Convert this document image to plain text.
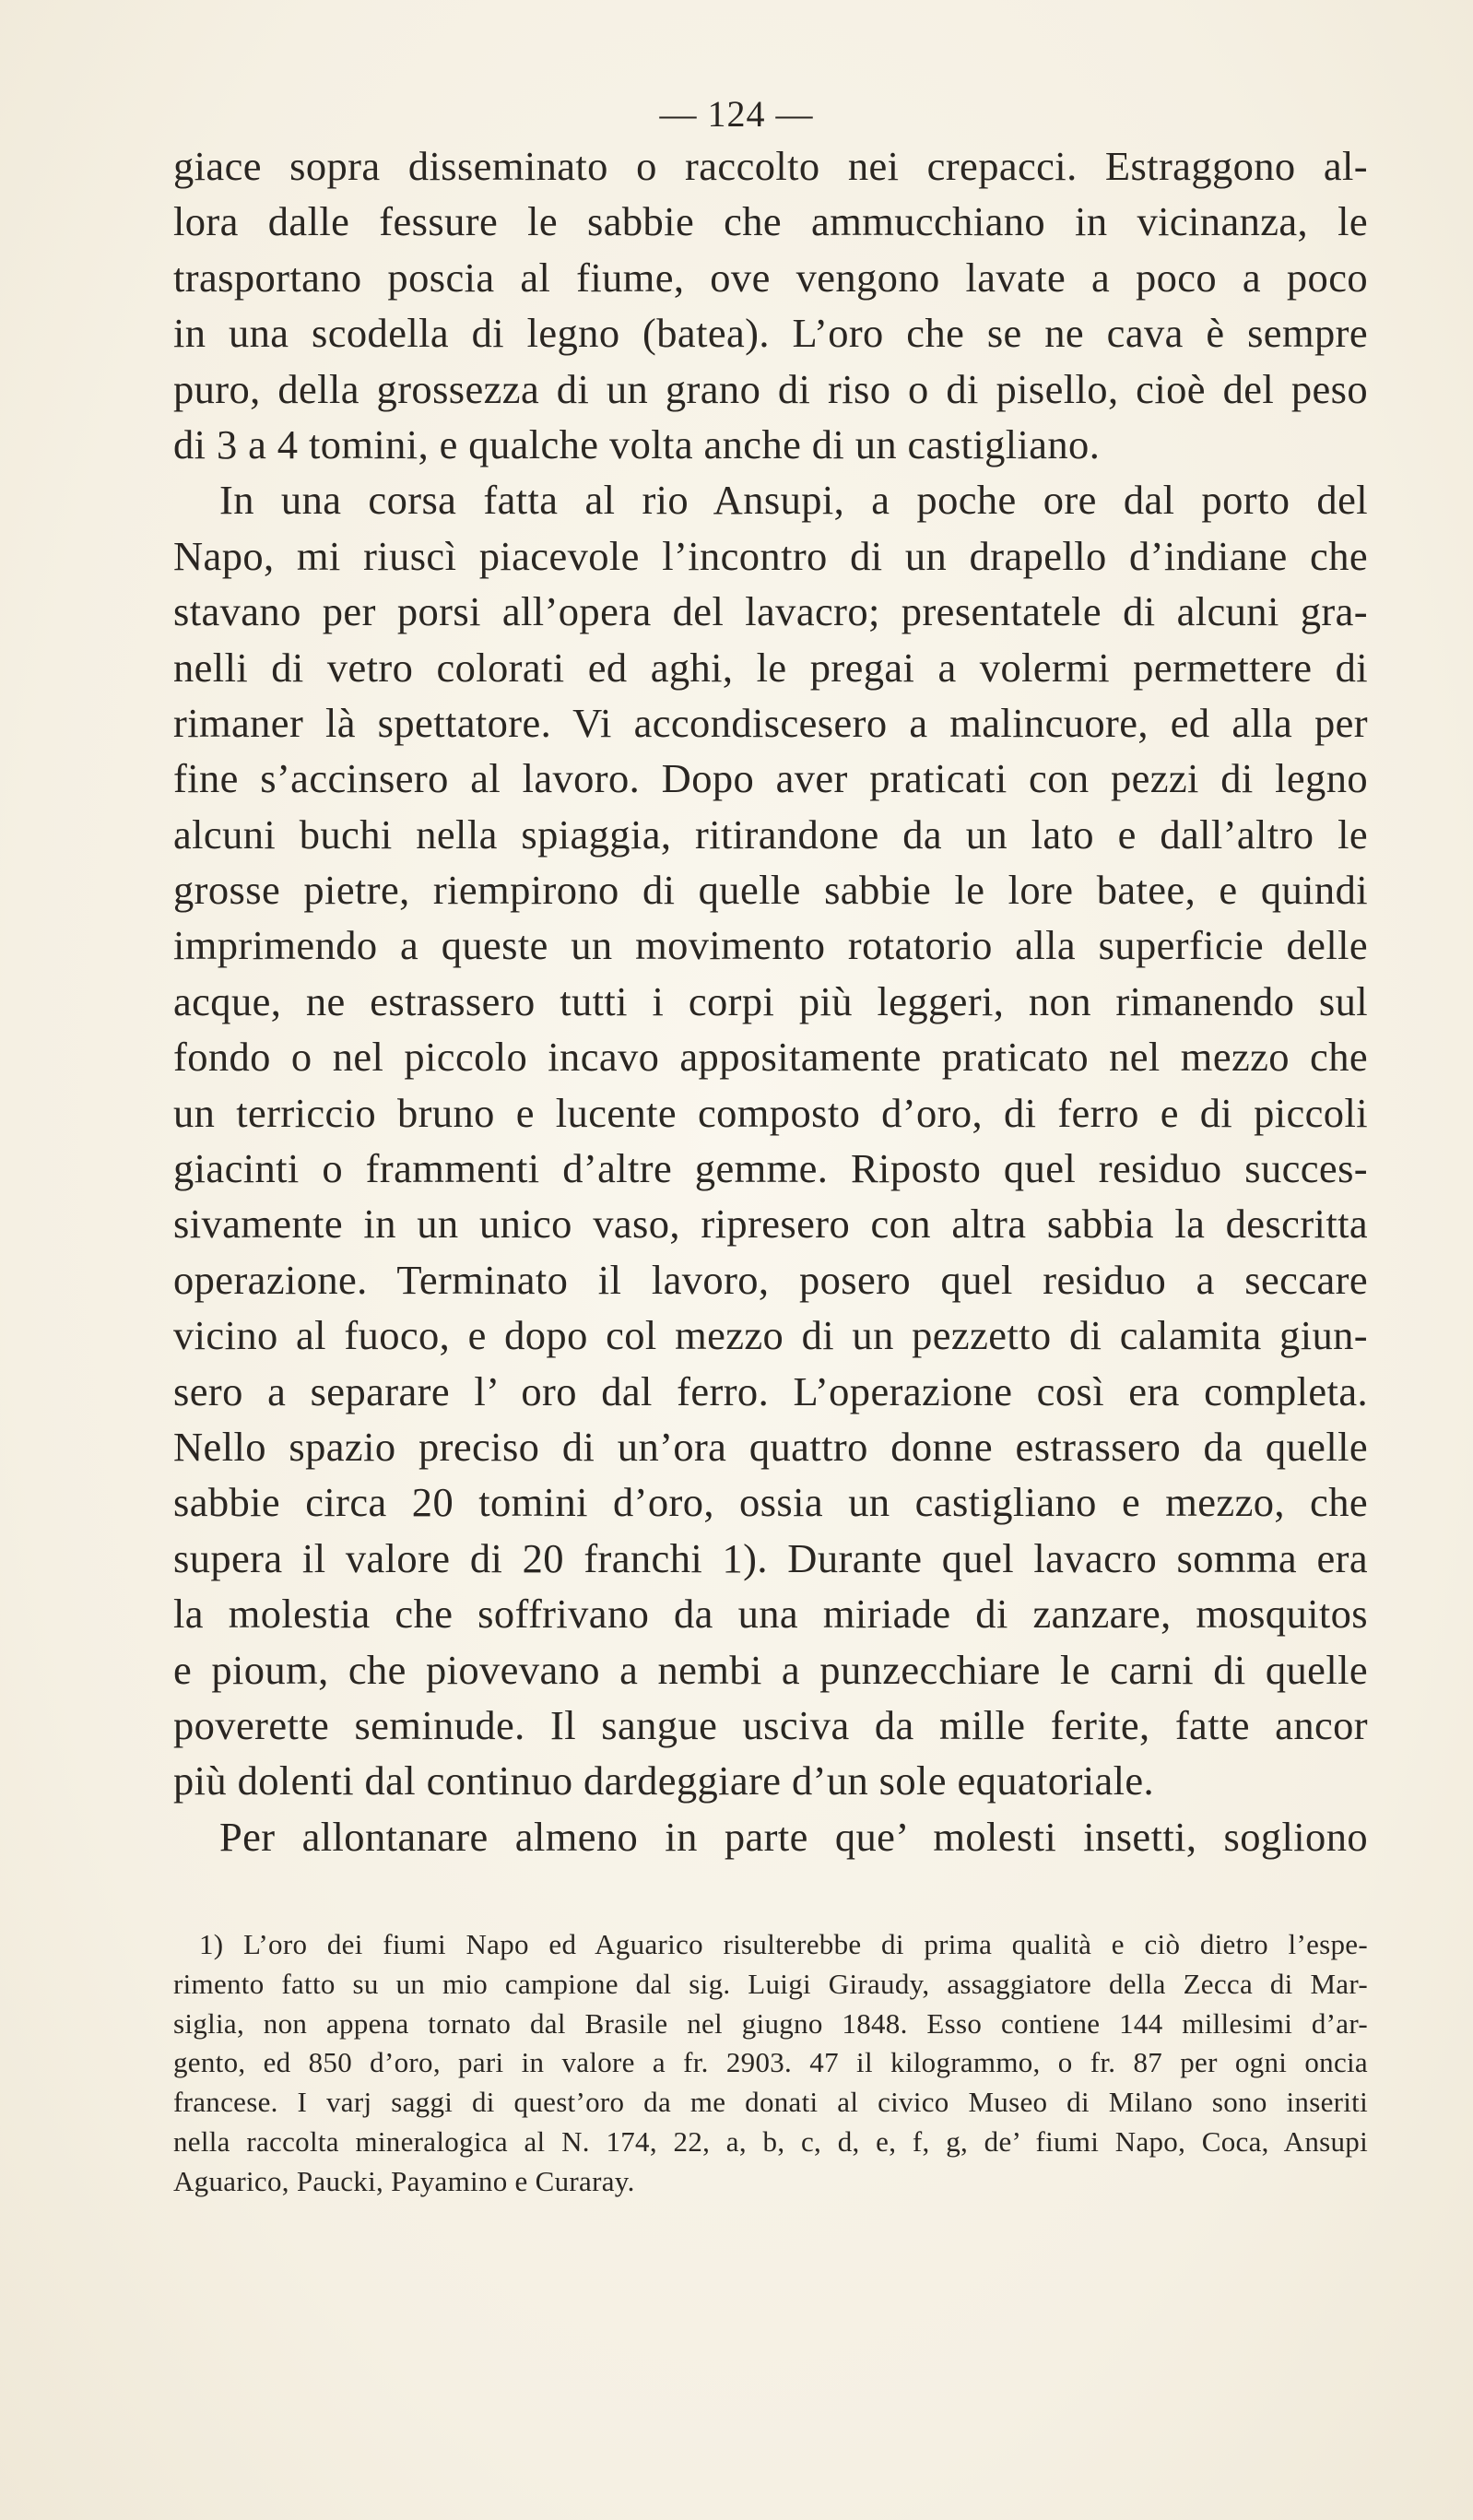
— 124 —
giace sopra disseminato o raccolto nei crepacci. Estraggono al-
lora dalle fessure le sabbie che ammucchiano in vicinanza, le
trasportano poscia al fiume, ove vengono lavate a poco a poco
in una scodella di legno (batea). L’oro che se ne cava è sempre
puro, della grossezza di un grano di riso o di pisello, cioè del peso
di 3 a 4 tomini, e qualche volta anche di un castigliano.
In una corsa fatta al rio Ansupi, a poche ore dal porto del
Napo, mi riuscì piacevole l’incontro di un drapello d’indiane che
stavano per porsi all’opera del lavacro; presentatele di alcuni gra-
nelli di vetro colorati ed aghi, le pregai a volermi permettere di
rimaner là spettatore. Vi accondiscesero a malincuore, ed alla per
fine s’accinsero al lavoro. Dopo aver praticati con pezzi di legno
alcuni buchi nella spiaggia, ritirandone da un lato e dall’altro le
grosse pietre, riempirono di quelle sabbie le lore batee, e quindi
imprimendo a queste un movimento rotatorio alla superficie delle
acque, ne estrassero tutti i corpi più leggeri, non rimanendo sul
fondo o nel piccolo incavo appositamente praticato nel mezzo che
un terriccio bruno e lucente composto d’oro, di ferro e di piccoli
giacinti o frammenti d’altre gemme. Riposto quel residuo succes-
sivamente in un unico vaso, ripresero con altra sabbia la descritta
operazione. Terminato il lavoro, posero quel residuo a seccare
vicino al fuoco, e dopo col mezzo di un pezzetto di calamita giun-
sero a separare l’ oro dal ferro. L’operazione così era completa.
Nello spazio preciso di un’ora quattro donne estrassero da quelle
sabbie circa 20 tomini d’oro, ossia un castigliano e mezzo, che
supera il valore di 20 franchi 1). Durante quel lavacro somma era
la molestia che soffrivano da una miriade di zanzare, mosquitos
e pioum, che piovevano a nembi a punzecchiare le carni di quelle
poverette seminude. Il sangue usciva da mille ferite, fatte ancor
più dolenti dal continuo dardeggiare d’un sole equatoriale.
Per allontanare almeno in parte que’ molesti insetti, sogliono
1) L’oro dei fiumi Napo ed Aguarico risulterebbe di prima qualità e ciò dietro l’espe-
rimento fatto su un mio campione dal sig. Luigi Giraudy, assaggiatore della Zecca di Mar-
siglia, non appena tornato dal Brasile nel giugno 1848. Esso contiene 144 millesimi d’ar-
gento, ed 850 d’oro, pari in valore a fr. 2903. 47 il kilogrammo, o fr. 87 per ogni oncia
francese. I varj saggi di quest’oro da me donati al civico Museo di Milano sono inseriti
nella raccolta mineralogica al N. 174, 22, a, b, c, d, e, f, g, de’ fiumi Napo, Coca, Ansupi
Aguarico, Paucki, Payamino e Curaray.
